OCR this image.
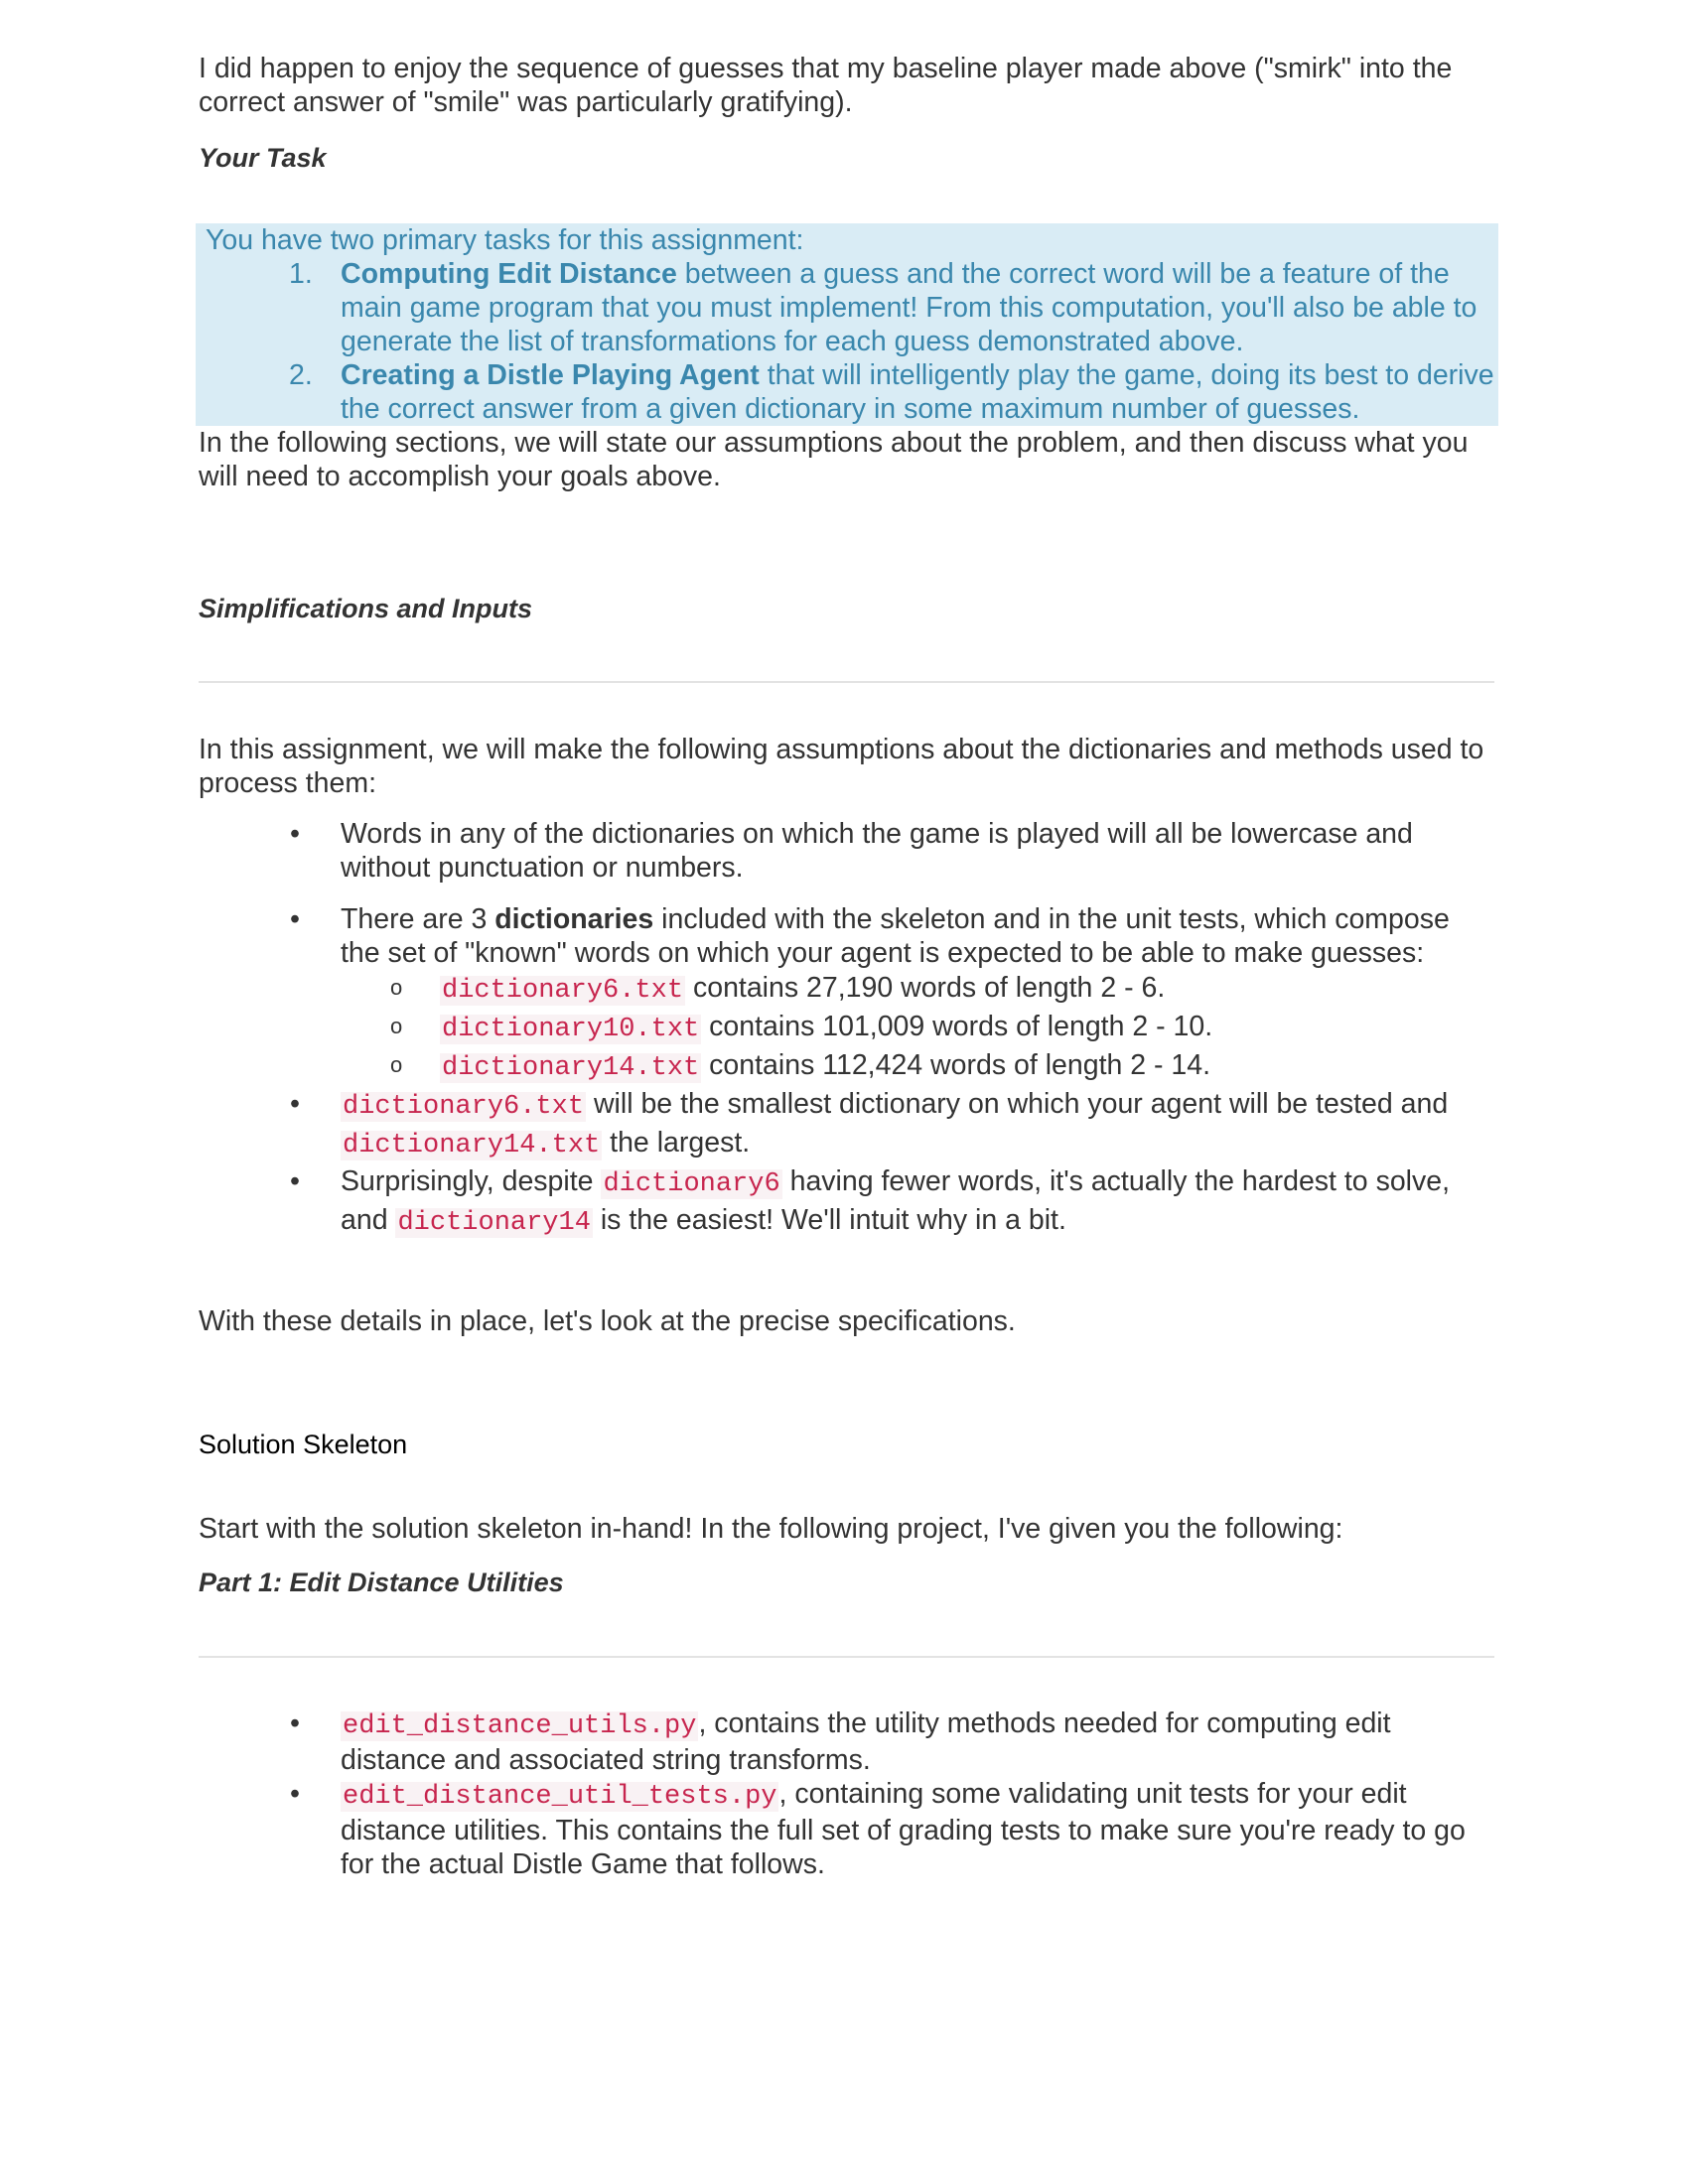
I did happen to enjoy the sequence of guesses that my baseline player made above ("smirk" into the correct answer of "smile" was particularly gratifying).

Your Task

You have two primary tasks for this assignment:

1. Computing Edit Distance between a guess and the correct word will be a feature of the main game program that you must implement! From this computation, you'll also be able to generate the list of transformations for each guess demonstrated above.
2. Creating a Distle Playing Agent that will intelligently play the game, doing its best to derive the correct answer from a given dictionary in some maximum number of guesses.

In the following sections, we will state our assumptions about the problem, and then discuss what you will need to accomplish your goals above.

Simplifications and Inputs

In this assignment, we will make the following assumptions about the dictionaries and methods used to process them:

• Words in any of the dictionaries on which the game is played will all be lowercase and without punctuation or numbers.
• There are 3 dictionaries included with the skeleton and in the unit tests, which compose the set of "known" words on which your agent is expected to be able to make guesses:
o dictionary6.txt contains 27,190 words of length 2 - 6.
o dictionary10.txt contains 101,009 words of length 2 - 10.
o dictionary14.txt contains 112,424 words of length 2 - 14.
• dictionary6.txt will be the smallest dictionary on which your agent will be tested and dictionary14.txt the largest.
• Surprisingly, despite dictionary6 having fewer words, it's actually the hardest to solve, and dictionary14 is the easiest! We'll intuit why in a bit.

With these details in place, let's look at the precise specifications.

Solution Skeleton

Start with the solution skeleton in-hand! In the following project, I've given you the following:

Part 1: Edit Distance Utilities

• edit_distance_utils.py, contains the utility methods needed for computing edit distance and associated string transforms.
• edit_distance_util_tests.py, containing some validating unit tests for your edit distance utilities. This contains the full set of grading tests to make sure you're ready to go for the actual Distle Game that follows.
